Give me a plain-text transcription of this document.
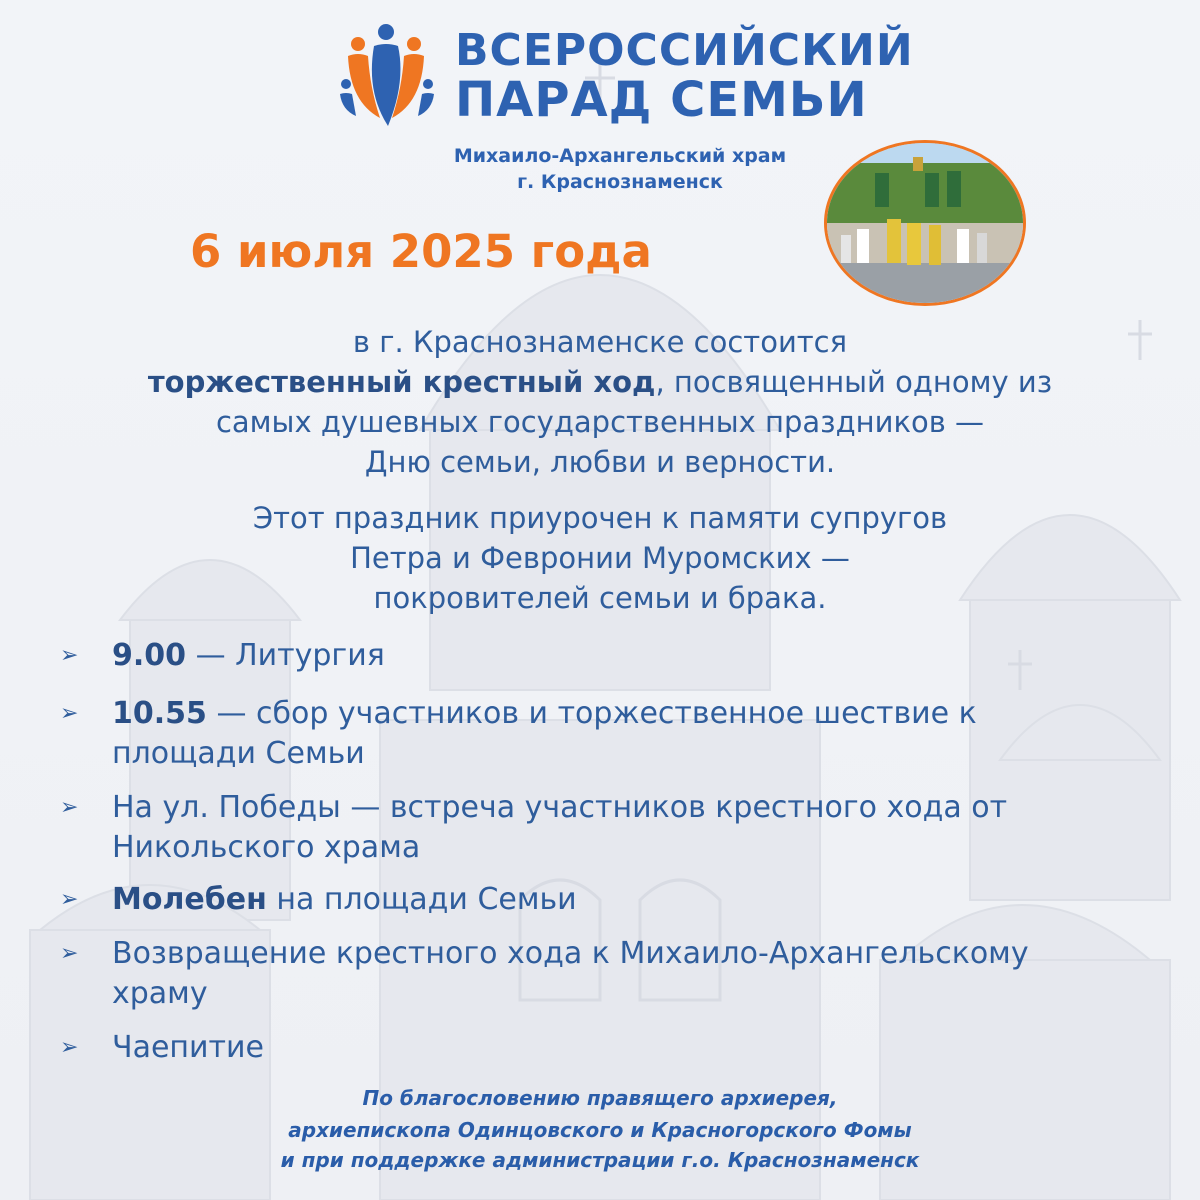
ВСЕРОССИЙСКИЙ
ПАРАД СЕМЬИ
Михаило-Архангельский храм
г. Краснознаменск
6 июля 2025 года
в г. Краснознаменске состоится
торжественный крестный ход, посвященный одному из
самых душевных государственных праздников —
Дню семьи, любви и верности.
Этот праздник приурочен к памяти супругов
Петра и Февронии Муромских —
покровителей семьи и брака.
➢	9.00 — Литургия
➢	10.55 — сбор участников и торжественное шествие к
площади Семьи
➢	На ул. Победы — встреча участников крестного хода от
Никольского храма
➢	Молебен на площади Семьи
➢	Возвращение крестного хода к Михаило-Архангельскому
храму
➢	Чаепитие
По благословению правящего архиерея,
архиепископа Одинцовского и Красногорского Фомы
и при поддержке администрации г.о. Краснознаменск
